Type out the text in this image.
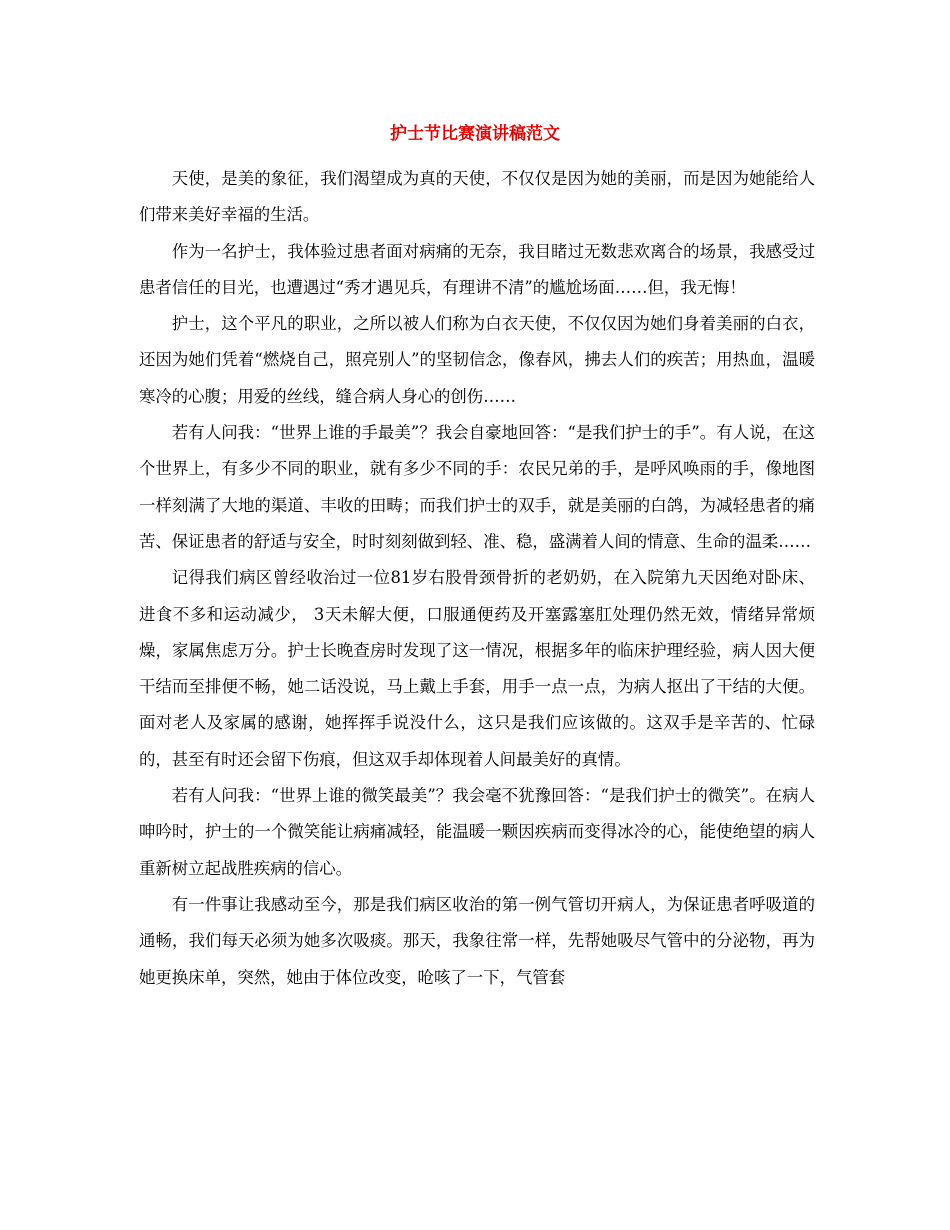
护士节比赛演讲稿范文

天使，是美的象征，我们渴望成为真的天使，不仅仅是因为她的美丽，而是因为她能给人们带来美好幸福的生活。

作为一名护士，我体验过患者面对病痛的无奈，我目睹过无数悲欢离合的场景，我感受过患者信任的目光，也遭遇过“秀才遇见兵，有理讲不清”的尴尬场面……但，我无悔！

护士，这个平凡的职业，之所以被人们称为白衣天使，不仅仅因为她们身着美丽的白衣，还因为她们凭着“燃烧自己，照亮别人”的坚韧信念，像春风，拂去人们的疾苦；用热血，温暖寒冷的心腹；用爱的丝线，缝合病人身心的创伤……

若有人问我：“世界上谁的手最美”？我会自豪地回答：“是我们护士的手”。有人说，在这个世界上，有多少不同的职业，就有多少不同的手：农民兄弟的手，是呼风唤雨的手，像地图一样刻满了大地的渠道、丰收的田畴；而我们护士的双手，就是美丽的白鸽，为减轻患者的痛苦、保证患者的舒适与安全，时时刻刻做到轻、准、稳，盛满着人间的情意、生命的温柔……

记得我们病区曾经收治过一位81岁右股骨颈骨折的老奶奶，在入院第九天因绝对卧床、进食不多和运动减少， 3天未解大便，口服通便药及开塞露塞肛处理仍然无效，情绪异常烦燥，家属焦虑万分。护士长晚查房时发现了这一情况，根据多年的临床护理经验，病人因大便干结而至排便不畅，她二话没说，马上戴上手套，用手一点一点，为病人抠出了干结的大便。面对老人及家属的感谢，她挥挥手说没什么，这只是我们应该做的。这双手是辛苦的、忙碌的，甚至有时还会留下伤痕，但这双手却体现着人间最美好的真情。

若有人问我：“世界上谁的微笑最美”？我会毫不犹豫回答：“是我们护士的微笑”。在病人呻吟时，护士的一个微笑能让病痛减轻，能温暖一颗因疾病而变得冰冷的心，能使绝望的病人重新树立起战胜疾病的信心。

有一件事让我感动至今，那是我们病区收治的第一例气管切开病人，为保证患者呼吸道的通畅，我们每天必须为她多次吸痰。那天，我象往常一样，先帮她吸尽气管中的分泌物，再为她更换床单，突然，她由于体位改变，呛咳了一下，气管套
